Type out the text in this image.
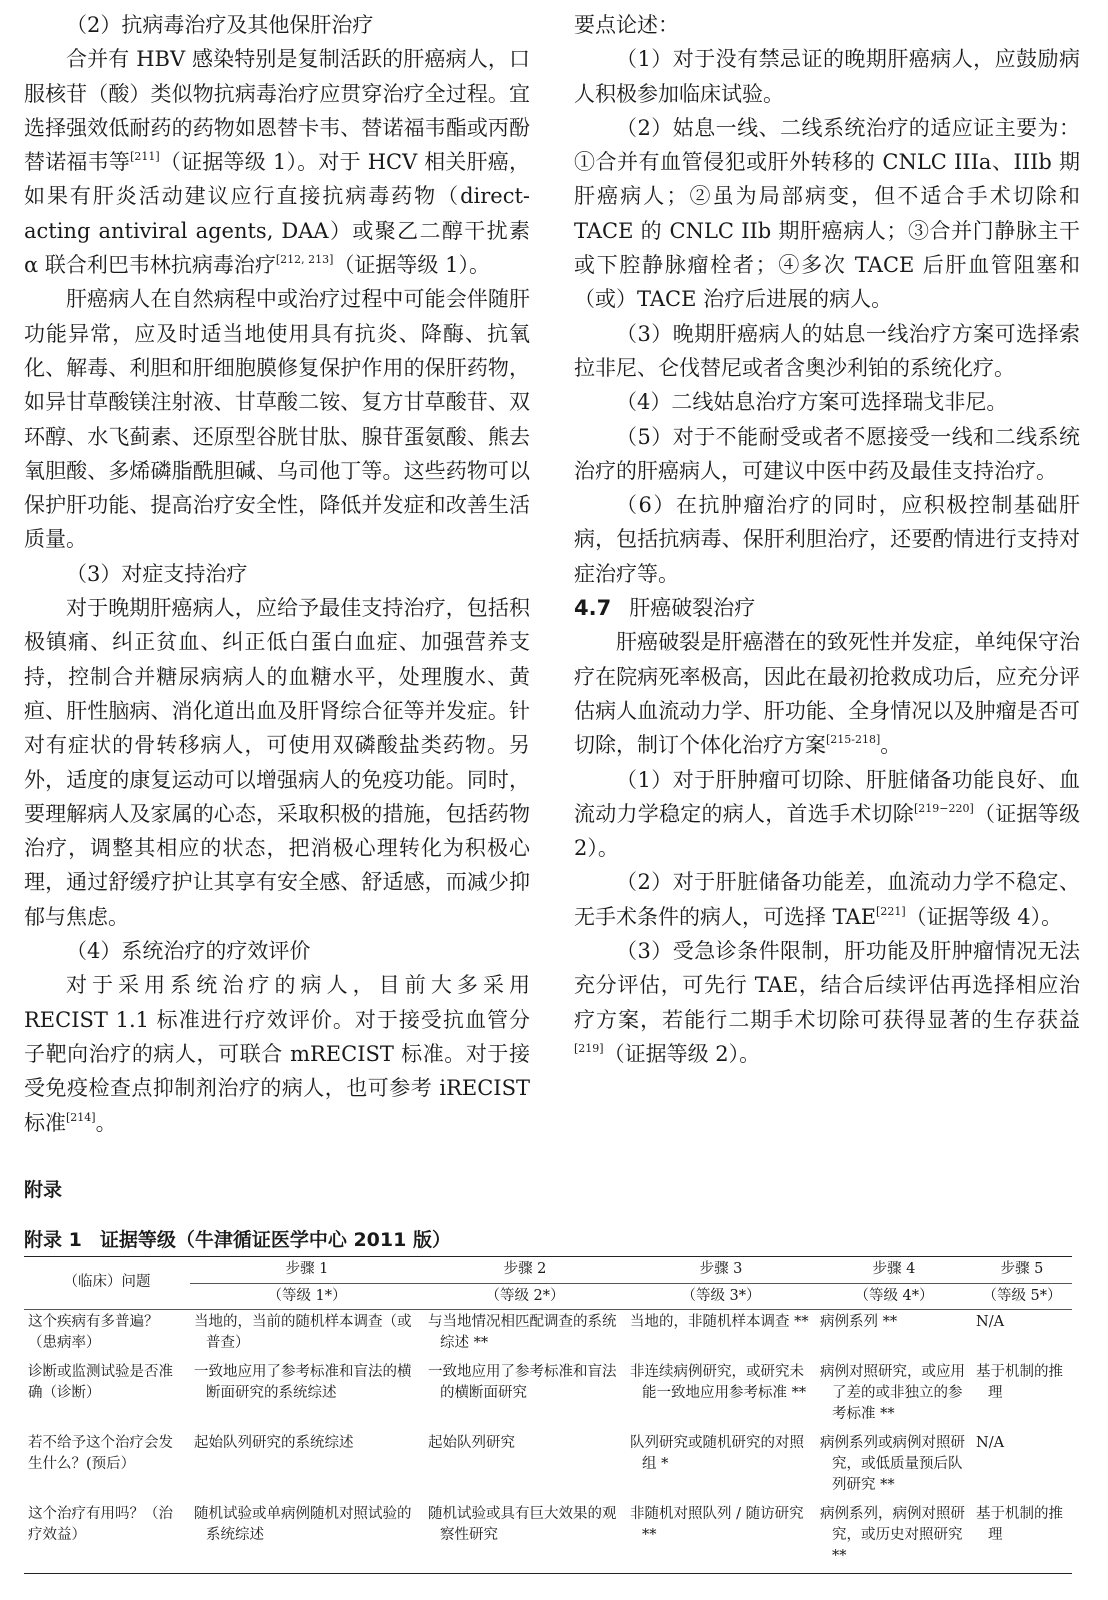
（2）抗病毒治疗及其他保肝治疗

合并有 HBV 感染特别是复制活跃的肝癌病人，口服核苷（酸）类似物抗病毒治疗应贯穿治疗全过程。宜选择强效低耐药的药物如恩替卡韦、替诺福韦酯或丙酚替诺福韦等[211]（证据等级 1）。对于 HCV 相关肝癌，如果有肝炎活动建议应行直接抗病毒药物（direct-acting antiviral agents, DAA）或聚乙二醇干扰素 α 联合利巴韦林抗病毒治疗[212, 213]（证据等级 1）。

肝癌病人在自然病程中或治疗过程中可能会伴随肝功能异常，应及时适当地使用具有抗炎、降酶、抗氧化、解毒、利胆和肝细胞膜修复保护作用的保肝药物，如异甘草酸镁注射液、甘草酸二铵、复方甘草酸苷、双环醇、水飞蓟素、还原型谷胱甘肽、腺苷蛋氨酸、熊去氧胆酸、多烯磷脂酰胆碱、乌司他丁等。这些药物可以保护肝功能、提高治疗安全性，降低并发症和改善生活质量。

（3）对症支持治疗

对于晚期肝癌病人，应给予最佳支持治疗，包括积极镇痛、纠正贫血、纠正低白蛋白血症、加强营养支持，控制合并糖尿病病人的血糖水平，处理腹水、黄疸、肝性脑病、消化道出血及肝肾综合征等并发症。针对有症状的骨转移病人，可使用双磷酸盐类药物。另外，适度的康复运动可以增强病人的免疫功能。同时，要理解病人及家属的心态，采取积极的措施，包括药物治疗，调整其相应的状态，把消极心理转化为积极心理，通过舒缓疗护让其享有安全感、舒适感，而减少抑郁与焦虑。

（4）系统治疗的疗效评价

对于采用系统治疗的病人，目前大多采用 RECIST 1.1 标准进行疗效评价。对于接受抗血管分子靶向治疗的病人，可联合 mRECIST 标准。对于接受免疫检查点抑制剂治疗的病人，也可参考 iRECIST 标准[214]。

要点论述：

（1）对于没有禁忌证的晚期肝癌病人，应鼓励病人积极参加临床试验。

（2）姑息一线、二线系统治疗的适应证主要为：①合并有血管侵犯或肝外转移的 CNLC IIIa、IIIb 期肝癌病人；②虽为局部病变，但不适合手术切除和 TACE 的 CNLC IIb 期肝癌病人；③合并门静脉主干或下腔静脉瘤栓者；④多次 TACE 后肝血管阻塞和（或）TACE 治疗后进展的病人。

（3）晚期肝癌病人的姑息一线治疗方案可选择索拉非尼、仑伐替尼或者含奥沙利铂的系统化疗。

（4）二线姑息治疗方案可选择瑞戈非尼。

（5）对于不能耐受或者不愿接受一线和二线系统治疗的肝癌病人，可建议中医中药及最佳支持治疗。

（6）在抗肿瘤治疗的同时，应积极控制基础肝病，包括抗病毒、保肝利胆治疗，还要酌情进行支持对症治疗等。

4.7 肝癌破裂治疗

肝癌破裂是肝癌潜在的致死性并发症，单纯保守治疗在院病死率极高，因此在最初抢救成功后，应充分评估病人血流动力学、肝功能、全身情况以及肿瘤是否可切除，制订个体化治疗方案[215-218]。

（1）对于肝肿瘤可切除、肝脏储备功能良好、血流动力学稳定的病人，首选手术切除[219−220]（证据等级 2）。

（2）对于肝脏储备功能差，血流动力学不稳定、无手术条件的病人，可选择 TAE[221]（证据等级 4）。

（3）受急诊条件限制，肝功能及肝肿瘤情况无法充分评估，可先行 TAE，结合后续评估再选择相应治疗方案，若能行二期手术切除可获得显著的生存获益[219]（证据等级 2）。

附录
附录 1 证据等级（牛津循证医学中心 2011 版）
（临床）问题	步骤 1	步骤 2	步骤 3	步骤 4	步骤 5
	（等级 1*）	（等级 2*）	（等级 3*）	（等级 4*）	（等级 5*）
这个疾病有多普遍？（患病率）	当地的，当前的随机样本调查（或普查）	与当地情况相匹配调查的系统综述 **	当地的，非随机样本调查 **	病例系列 **	N/A
诊断或监测试验是否准确（诊断）	一致地应用了参考标准和盲法的横断面研究的系统综述	一致地应用了参考标准和盲法的横断面研究	非连续病例研究，或研究未能一致地应用参考标准 **	病例对照研究，或应用了差的或非独立的参考标准 **	基于机制的推理
若不给予这个治疗会发生什么？(预后）	起始队列研究的系统综述	起始队列研究	队列研究或随机研究的对照组 *	病例系列或病例对照研究，或低质量预后队列研究 **	N/A
这个治疗有用吗？（治疗效益）	随机试验或单病例随机对照试验的系统综述	随机试验或具有巨大效果的观察性研究	非随机对照队列 / 随访研究 **	病例系列，病例对照研究，或历史对照研究 **	基于机制的推理
